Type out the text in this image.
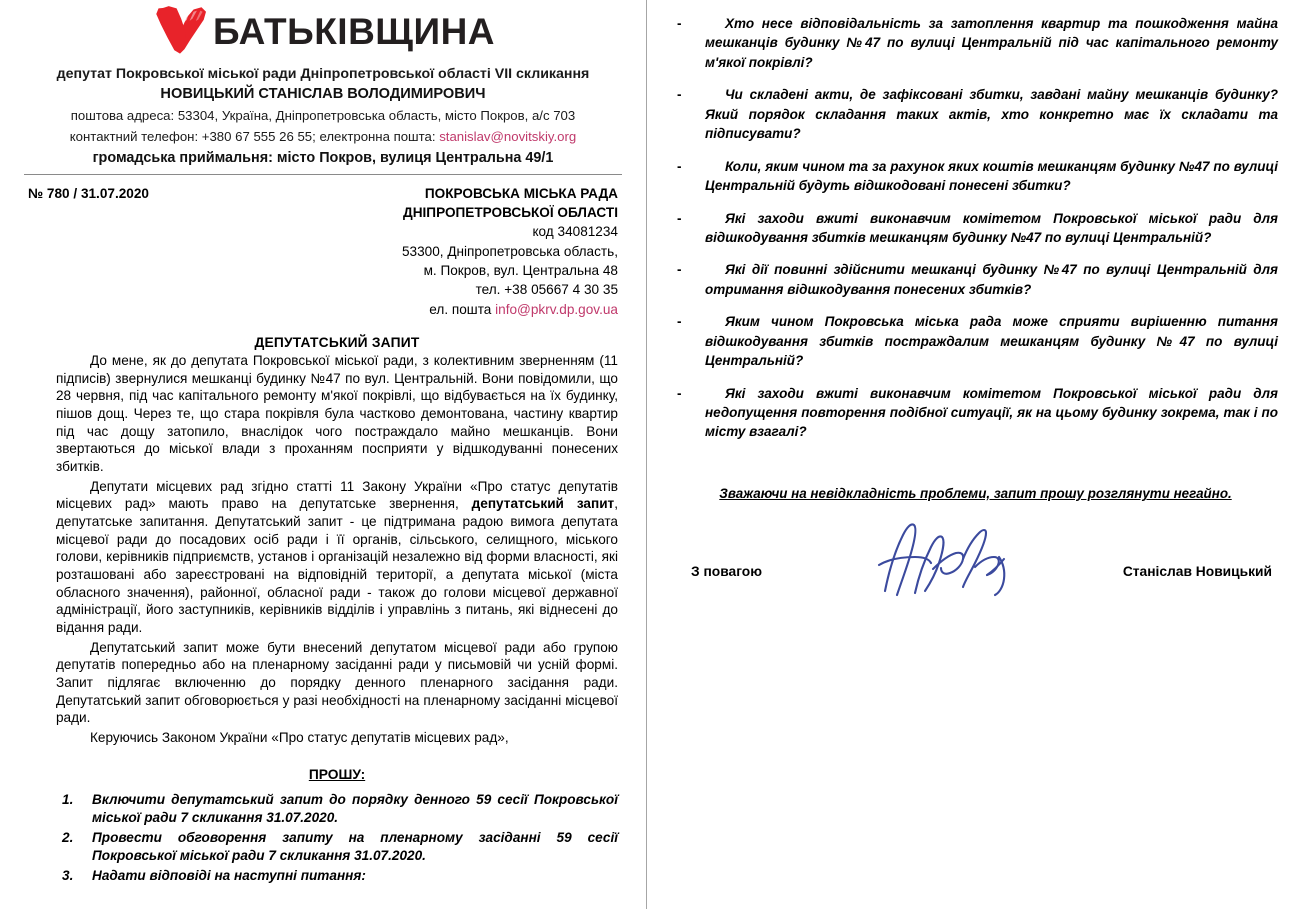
БАТЬКІВЩИНА
депутат Покровської міської ради Дніпропетровської області VII скликання
НОВИЦЬКИЙ СТАНІСЛАВ ВОЛОДИМИРОВИЧ
поштова адреса: 53304, Україна, Дніпропетровська область, місто Покров, а/с 703
контактний телефон: +380 67 555 26 55; електронна пошта: stanislav@novitskiy.org
громадська приймальня: місто Покров, вулиця Центральна 49/1
№ 780 / 31.07.2020	ПОКРОВСЬКА МІСЬКА РАДА
ДНІПРОПЕТРОВСЬКОЇ ОБЛАСТІ
код 34081234
53300, Дніпропетровська область,
м. Покров, вул. Центральна 48
тел. +38 05667 4 30 35
ел. пошта info@pkrv.dp.gov.ua
ДЕПУТАТСЬКИЙ ЗАПИТ

До мене, як до депутата Покровської міської ради, з колективним зверненням (11 підписів) звернулися мешканці будинку №47 по вул. Центральній. Вони повідомили, що 28 червня, під час капітального ремонту м'якої покрівлі, що відбувається на їх будинку, пішов дощ. Через те, що стара покрівля була частково демонтована, частину квартир під час дощу затопило, внаслідок чого постраждало майно мешканців. Вони звертаються до міської влади з проханням посприяти у відшкодуванні понесених збитків.

Депутати місцевих рад згідно статті 11 Закону України «Про статус депутатів місцевих рад» мають право на депутатське звернення, депутатський запит, депутатське запитання. Депутатський запит - це підтримана радою вимога депутата місцевої ради до посадових осіб ради і її органів, сільського, селищного, міського голови, керівників підприємств, установ і організацій незалежно від форми власності, які розташовані або зареєстровані на відповідній території, а депутата міської (міста обласного значення), районної, обласної ради - також до голови місцевої державної адміністрації, його заступників, керівників відділів і управлінь з питань, які віднесені до відання ради.

Депутатський запит може бути внесений депутатом місцевої ради або групою депутатів попередньо або на пленарному засіданні ради у письмовій чи усній формі. Запит підлягає включенню до порядку денного пленарного засідання ради. Депутатський запит обговорюється у разі необхідності на пленарному засіданні місцевої ради.

Керуючись Законом України «Про статус депутатів місцевих рад»,

ПРОШУ:
Включити депутатський запит до порядку денного 59 сесії Покровської міської ради 7 скликання 31.07.2020.
Провести обговорення запиту на пленарному засіданні 59 сесії Покровської міської ради 7 скликання 31.07.2020.
Надати відповіді на наступні питання:
- Хто несе відповідальність за затоплення квартир та пошкодження майна мешканців будинку №47 по вулиці Центральній під час капітального ремонту м'якої покрівлі?
- Чи складені акти, де зафіксовані збитки, завдані майну мешканців будинку? Який порядок складання таких актів, хто конкретно має їх складати та підписувати?
- Коли, яким чином та за рахунок яких коштів мешканцям будинку №47 по вулиці Центральній будуть відшкодовані понесені збитки?
- Які заходи вжиті виконавчим комітетом Покровської міської ради для відшкодування збитків мешканцям будинку №47 по вулиці Центральній?
- Які дії повинні здійснити мешканці будинку №47 по вулиці Центральній для отримання відшкодування понесених збитків?
- Яким чином Покровська міська рада може сприяти вирішенню питання відшкодування збитків постраждалим мешканцям будинку №47 по вулиці Центральній?
- Які заходи вжиті виконавчим комітетом Покровської міської ради для недопущення повторення подібної ситуації, як на цьому будинку зокрема, так і по місту взагалі?
Зважаючи на невідкладність проблеми, запит прошу розглянути негайно.
З повагою	Станіслав Новицький
